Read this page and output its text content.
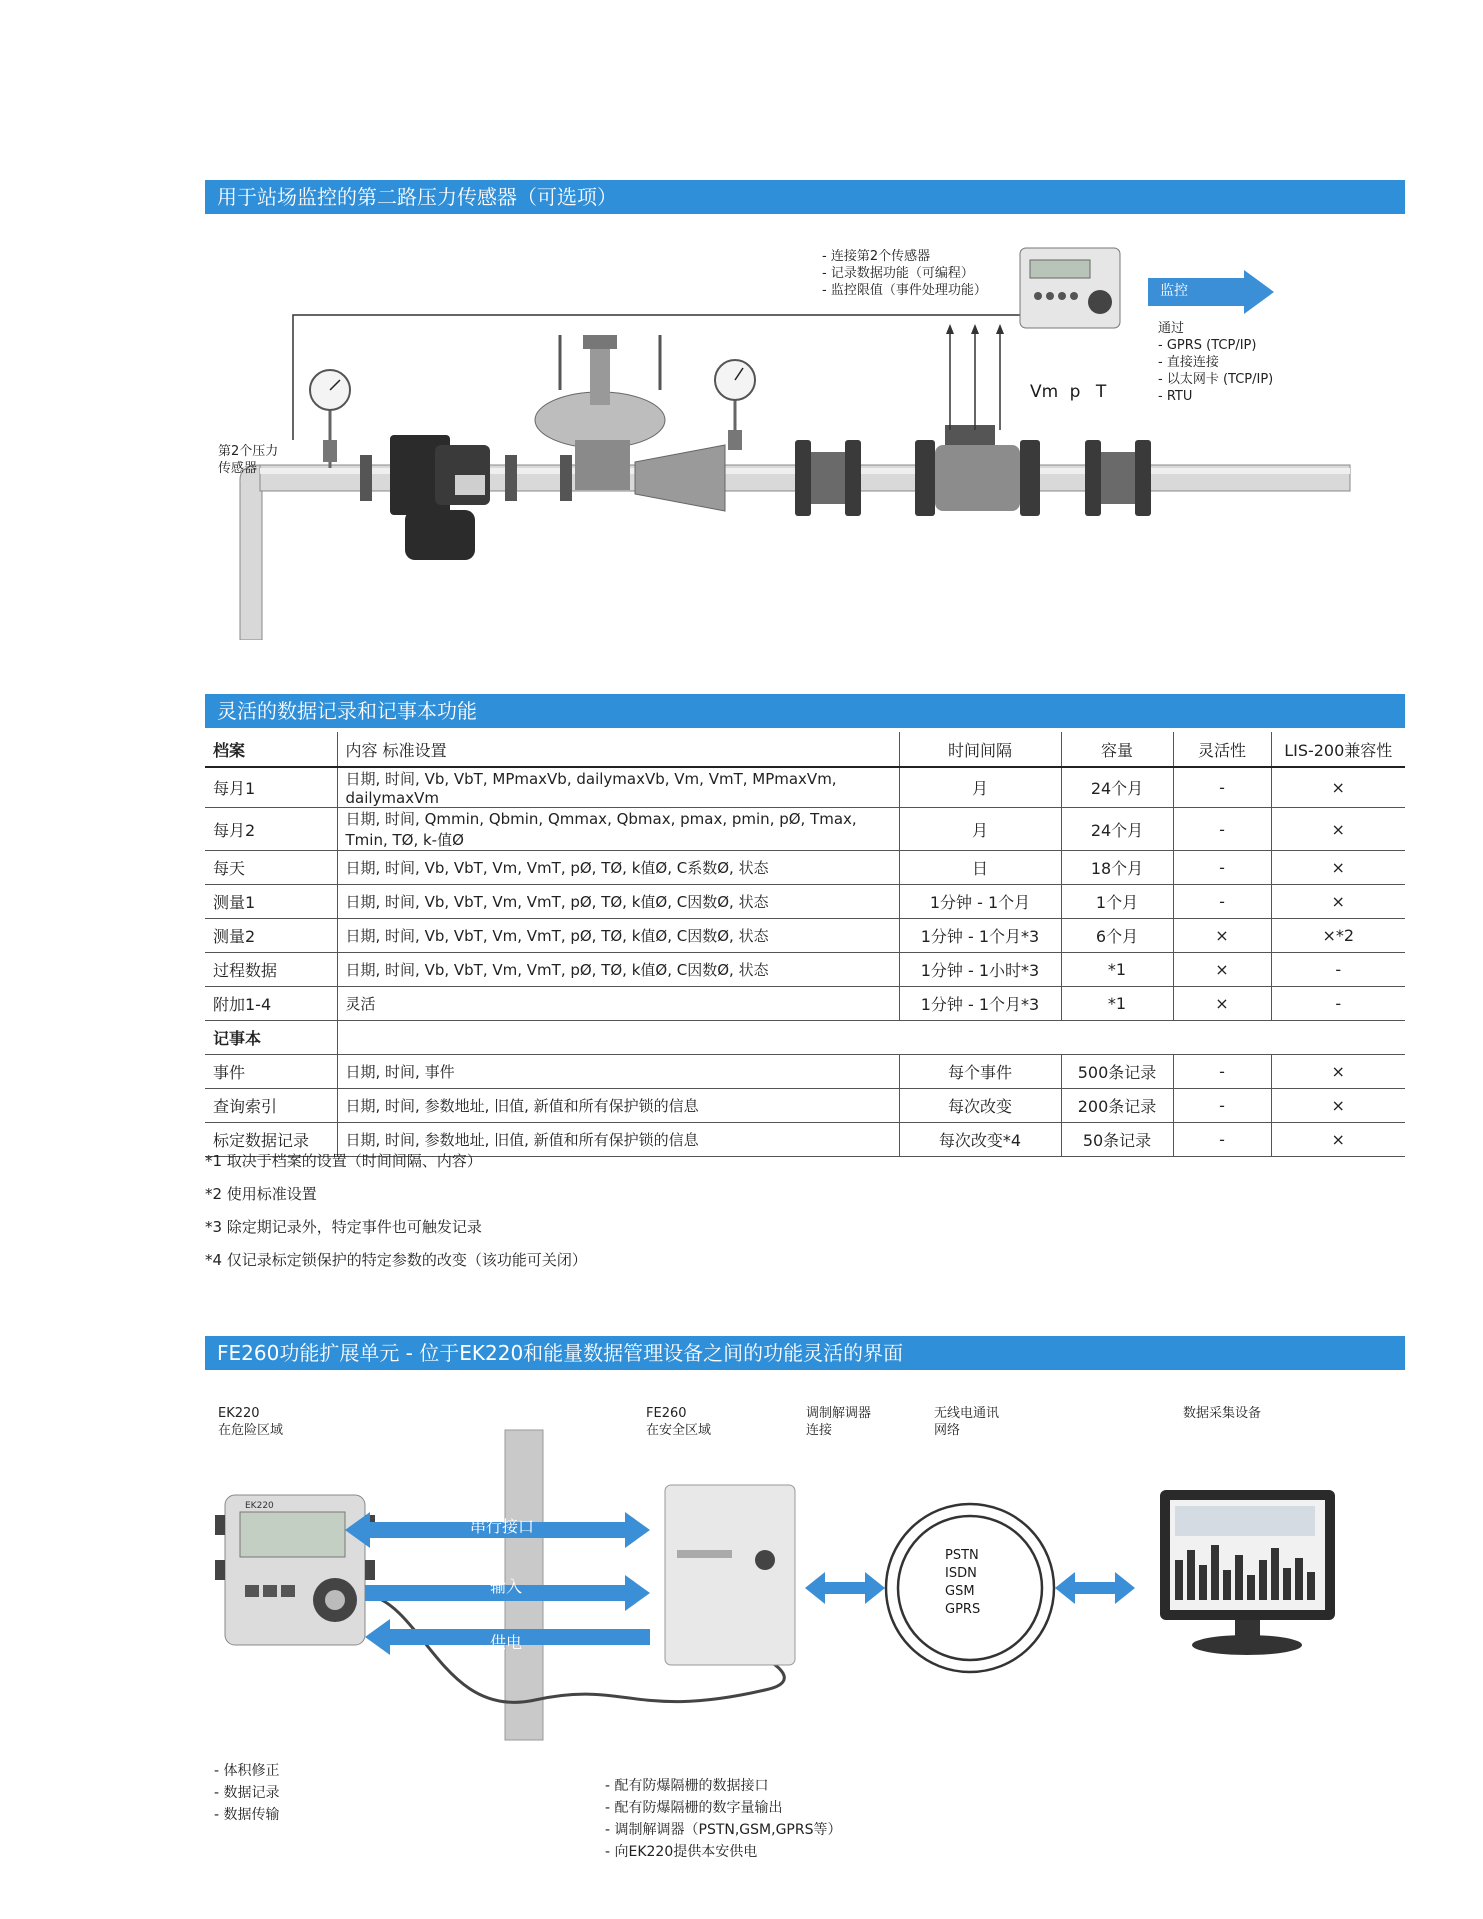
用于站场监控的第二路压力传感器（可选项）
- 连接第2个传感器
- 记录数据功能（可编程）
- 监控限值（事件处理功能）	监控
通过
- GPRS (TCP/IP)
- 直接连接
- 以太网卡 (TCP/IP)
- RTU
Vm p T
第2个压力
传感器
灵活的数据记录和记事本功能
档案	内容 标准设置	时间间隔	容量	灵活性	LIS-200兼容性
每月1	日期, 时间, Vb, VbT, MPmaxVb, dailymaxVb, Vm, VmT, MPmaxVm, dailymaxVm	月	24个月	-	×
每月2	日期, 时间, Qmmin, Qbmin, Qmmax, Qbmax, pmax, pmin, pØ, Tmax, Tmin, TØ, k-值Ø	月	24个月	-	×
每天	日期, 时间, Vb, VbT, Vm, VmT, pØ, TØ, k值Ø, C系数Ø, 状态	日	18个月	-	×
测量1	日期, 时间, Vb, VbT, Vm, VmT, pØ, TØ, k值Ø, C因数Ø, 状态	1分钟 - 1个月	1个月	-	×
测量2	日期, 时间, Vb, VbT, Vm, VmT, pØ, TØ, k值Ø, C因数Ø, 状态	1分钟 - 1个月*3	6个月	×	×*2
过程数据	日期, 时间, Vb, VbT, Vm, VmT, pØ, TØ, k值Ø, C因数Ø, 状态	1分钟 - 1小时*3	*1	×	-
附加1-4	灵活	1分钟 - 1个月*3	*1	×	-
记事本					
事件	日期, 时间, 事件	每个事件	500条记录	-	×
查询索引	日期, 时间, 参数地址, 旧值, 新值和所有保护锁的信息	每次改变	200条记录	-	×
标定数据记录	日期, 时间, 参数地址, 旧值, 新值和所有保护锁的信息	每次改变*4	50条记录	-	×
*1 取决于档案的设置（时间间隔、内容）
*2 使用标准设置
*3 除定期记录外，特定事件也可触发记录
*4 仅记录标定锁保护的特定参数的改变（该功能可关闭）
FE260功能扩展单元 - 位于EK220和能量数据管理设备之间的功能灵活的界面
EK220
在危险区域
FE260
在安全区域
调制解调器
连接
无线电通讯
网络
数据采集设备
EK220
串行接口
输入
供电
PSTN
ISDN
GSM
GPRS
- 体积修正
- 数据记录
- 数据传输
- 配有防爆隔栅的数据接口
- 配有防爆隔栅的数字量输出
- 调制解调器（PSTN,GSM,GPRS等）
- 向EK220提供本安供电
